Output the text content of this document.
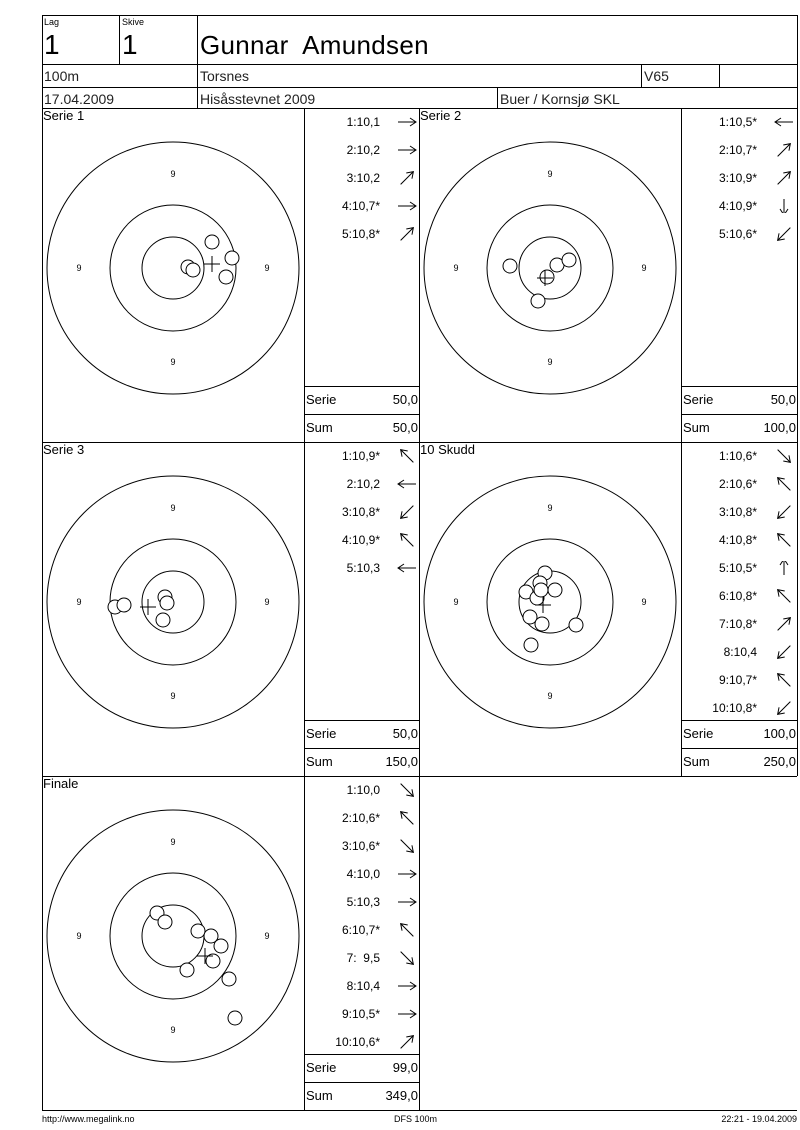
Lag
1
Skive
1 Gunnar  Amundsen
100m	Torsnes	V65
17.04.2009	Hisåsstevnet 2009	Buer / Kornsjø SKL
Serie 1
9
9
9	9
1:10,1
2:10,2
3:10,2
4:10,7*
5:10,8*
Serie	50,0
Sum	50,0
Serie 2
9
9
9	9
1:10,5*
2:10,7*
3:10,9*
4:10,9*
5:10,6*
Serie	50,0
Sum	100,0
Serie 3
9
9
9	9
1:10,9*
2:10,2
3:10,8*
4:10,9*
5:10,3
Serie	50,0
Sum	150,0
10 Skudd
9
9
9	9
1:10,6*
2:10,6*
3:10,8*
4:10,8*
5:10,5*
6:10,8*
7:10,8*
8:10,4
9:10,7*
10:10,8*
Serie	100,0
Sum	250,0
Finale
9
9
9	9
1:10,0
2:10,6*
3:10,6*
4:10,0
5:10,3
6:10,7*
7:  9,5
8:10,4
9:10,5*
10:10,6*
Serie	99,0
Sum	349,0
http://www.megalink.no	DFS 100m	22:21 - 19.04.2009
